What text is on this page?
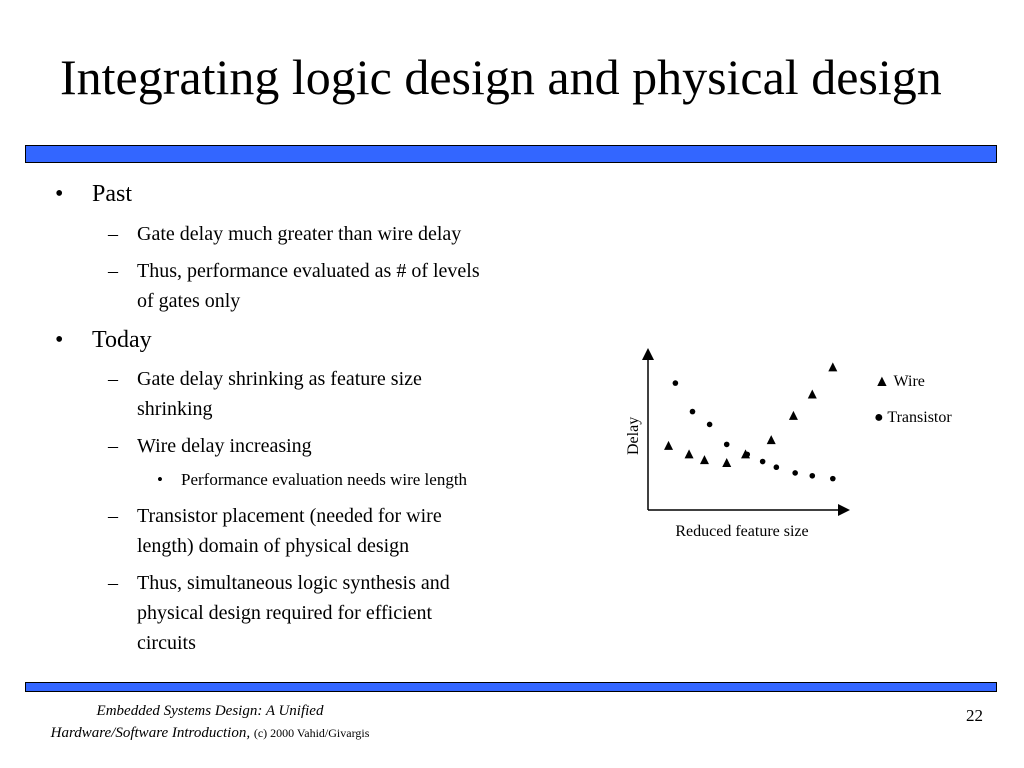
Integrating logic design and physical design
• Past
– Gate delay much greater than wire delay
– Thus, performance evaluated as # of levels
of gates only
• Today
– Gate delay shrinking as feature size
shrinking
– Wire delay increasing
• Performance evaluation needs wire length
– Transistor placement (needed for wire
length) domain of physical design
– Thus, simultaneous logic synthesis and
physical design required for efficient
circuits
Delay
Reduced feature size
▲ Wire
● Transistor
Embedded Systems Design: A Unified
Hardware/Software Introduction, (c) 2000 Vahid/Givargis
22
